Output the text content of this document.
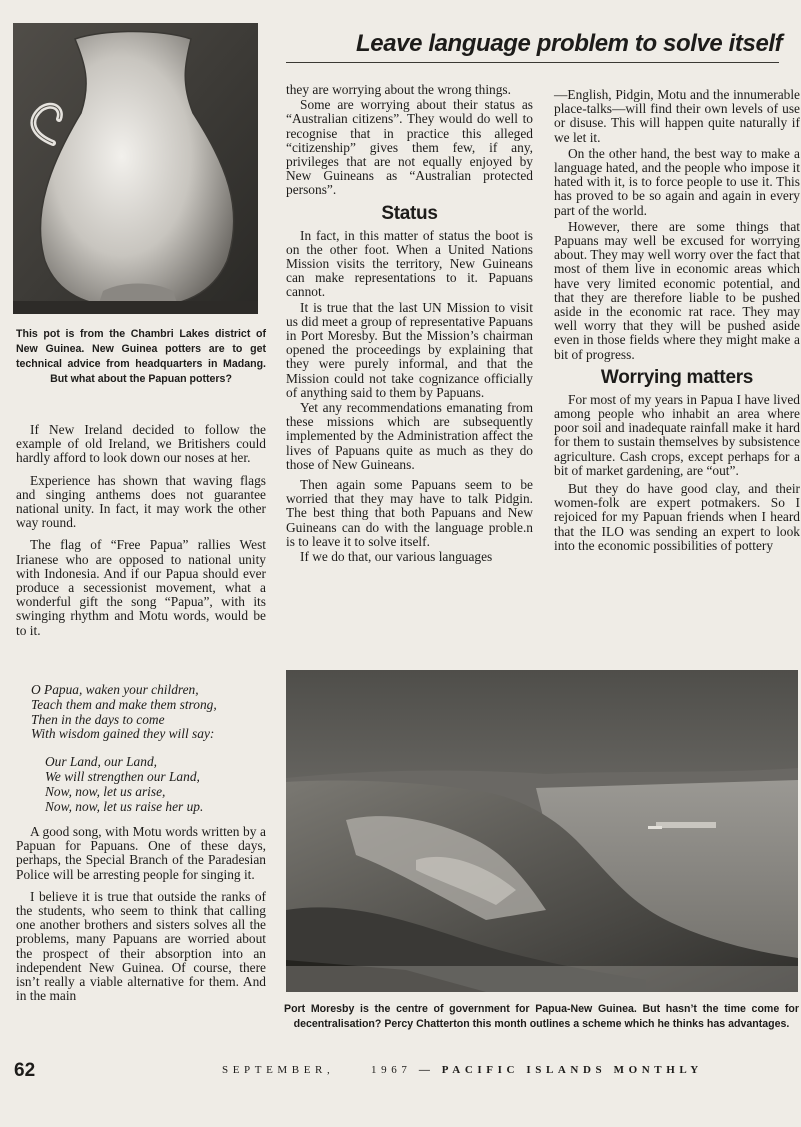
Leave language problem to solve itself
This pot is from the Chambri Lakes district of New Guinea. New Guinea potters are to get technical advice from headquarters in Madang. But what about the Papuan potters?

If New Ireland decided to follow the example of old Ireland, we Britishers could hardly afford to look down our noses at her.

Experience has shown that waving flags and singing anthems does not guarantee national unity. In fact, it may work the other way round.

The flag of “Free Papua” rallies West Irianese who are opposed to national unity with Indonesia. And if our Papua should ever produce a secessionist movement, what a wonderful gift the song “Papua”, with its swinging rhythm and Motu words, would be to it.

O Papua, waken your children,
Teach them and make them strong,
Then in the days to come
With wisdom gained they will say:
Our Land, our Land,
We will strengthen our Land,
Now, now, let us arise,
Now, now, let us raise her up.

A good song, with Motu words written by a Papuan for Papuans. One of these days, perhaps, the Special Branch of the Paradesian Police will be arresting people for singing it.

I believe it is true that outside the ranks of the students, who seem to think that calling one another brothers and sisters solves all the problems, many Papuans are worried about the prospect of their absorption into an independent New Guinea. Of course, there isn’t really a viable alternative for them. And in the main

they are worrying about the wrong things.

Some are worrying about their status as “Australian citizens”. They would do well to recognise that in practice this alleged “citizenship” gives them few, if any, privileges that are not equally enjoyed by New Guineans as “Australian protected persons”.

Status

In fact, in this matter of status the boot is on the other foot. When a United Nations Mission visits the territory, New Guineans can make representations to it. Papuans cannot.

It is true that the last UN Mission to visit us did meet a group of representative Papuans in Port Moresby. But the Mission’s chairman opened the proceedings by explaining that they were purely informal, and that the Mission could not take cognizance officially of anything said to them by Papuans.

Yet any recommendations emanating from these missions which are subsequently implemented by the Administration affect the lives of Papuans quite as much as they do those of New Guineans.

Then again some Papuans seem to be worried that they may have to talk Pidgin. The best thing that both Papuans and New Guineans can do with the language proble.n is to leave it to solve itself.

If we do that, our various languages

—English, Pidgin, Motu and the innumerable place-talks—will find their own levels of use or disuse. This will happen quite naturally if we let it.

On the other hand, the best way to make a language hated, and the people who impose it hated with it, is to force people to use it. This has proved to be so again and again in every part of the world.

However, there are some things that Papuans may well be excused for worrying about. They may well worry over the fact that most of them live in economic areas which have very limited economic potential, and that they are therefore liable to be pushed aside in the economic rat race. They may well worry that they will be pushed aside even in those fields where they might make a bit of progress.

Worrying matters

For most of my years in Papua I have lived among people who inhabit an area where poor soil and inadequate rainfall make it hard for them to sustain themselves by subsistence agriculture. Cash crops, except perhaps for a bit of market gardening, are “out”.

But they do have good clay, and their women-folk are expert potmakers. So I rejoiced for my Papuan friends when I heard that the ILO was sending an expert to look into the economic possibilities of pottery

Port Moresby is the centre of government for Papua-New Guinea. But hasn’t the time come for decentralisation? Percy Chatterton this month outlines a scheme which he thinks has advantages.
62	SEPTEMBER,	1967 — PACIFIC ISLANDS MONTHLY
